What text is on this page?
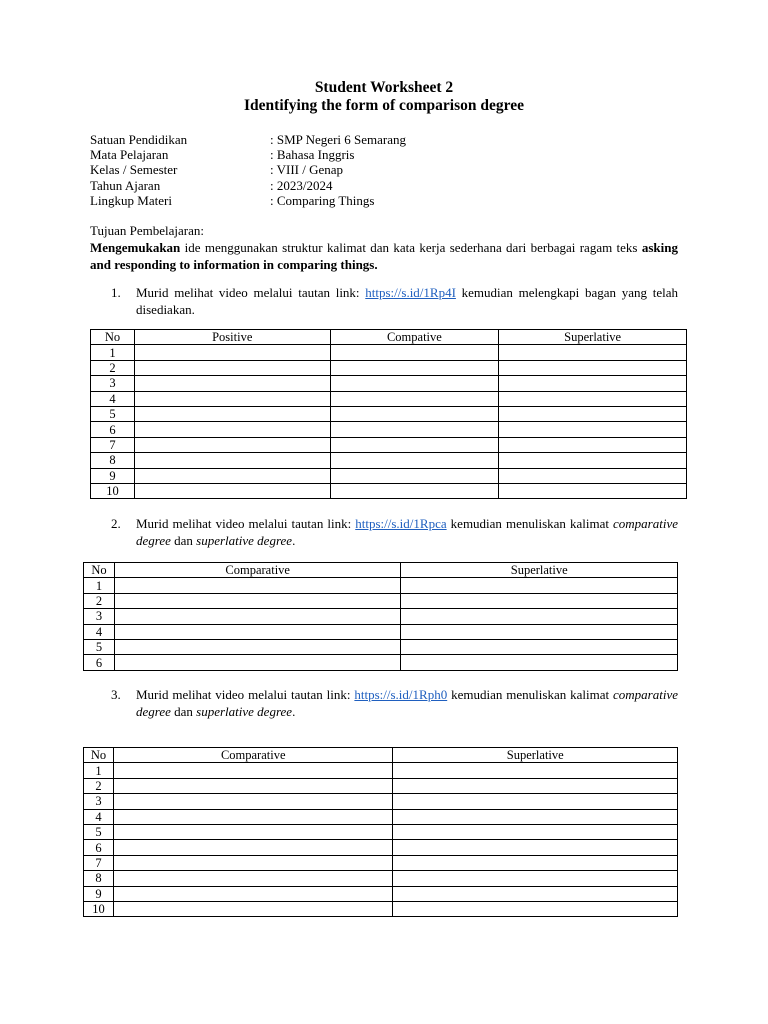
Student Worksheet 2
Identifying the form of comparison degree
Satuan Pendidikan	: SMP Negeri 6 Semarang
Mata Pelajaran	: Bahasa Inggris
Kelas / Semester	: VIII / Genap
Tahun Ajaran	: 2023/2024
Lingkup Materi	: Comparing Things
Tujuan Pembelajaran:
Mengemukakan ide menggunakan struktur kalimat dan kata kerja sederhana dari berbagai ragam teks asking and responding to information in comparing things.
1. Murid melihat video melalui tautan link: https://s.id/1Rp4I kemudian melengkapi bagan yang telah disediakan.
No	Positive	Compative	Superlative
1			
2			
3			
4			
5			
6			
7			
8			
9			
10			
2. Murid melihat video melalui tautan link: https://s.id/1Rpca kemudian menuliskan kalimat comparative degree dan superlative degree.
No	Comparative	Superlative
1		
2		
3		
4		
5		
6		
3. Murid melihat video melalui tautan link: https://s.id/1Rph0 kemudian menuliskan kalimat comparative degree dan superlative degree.
No	Comparative	Superlative
1		
2		
3		
4		
5		
6		
7		
8		
9		
10		
